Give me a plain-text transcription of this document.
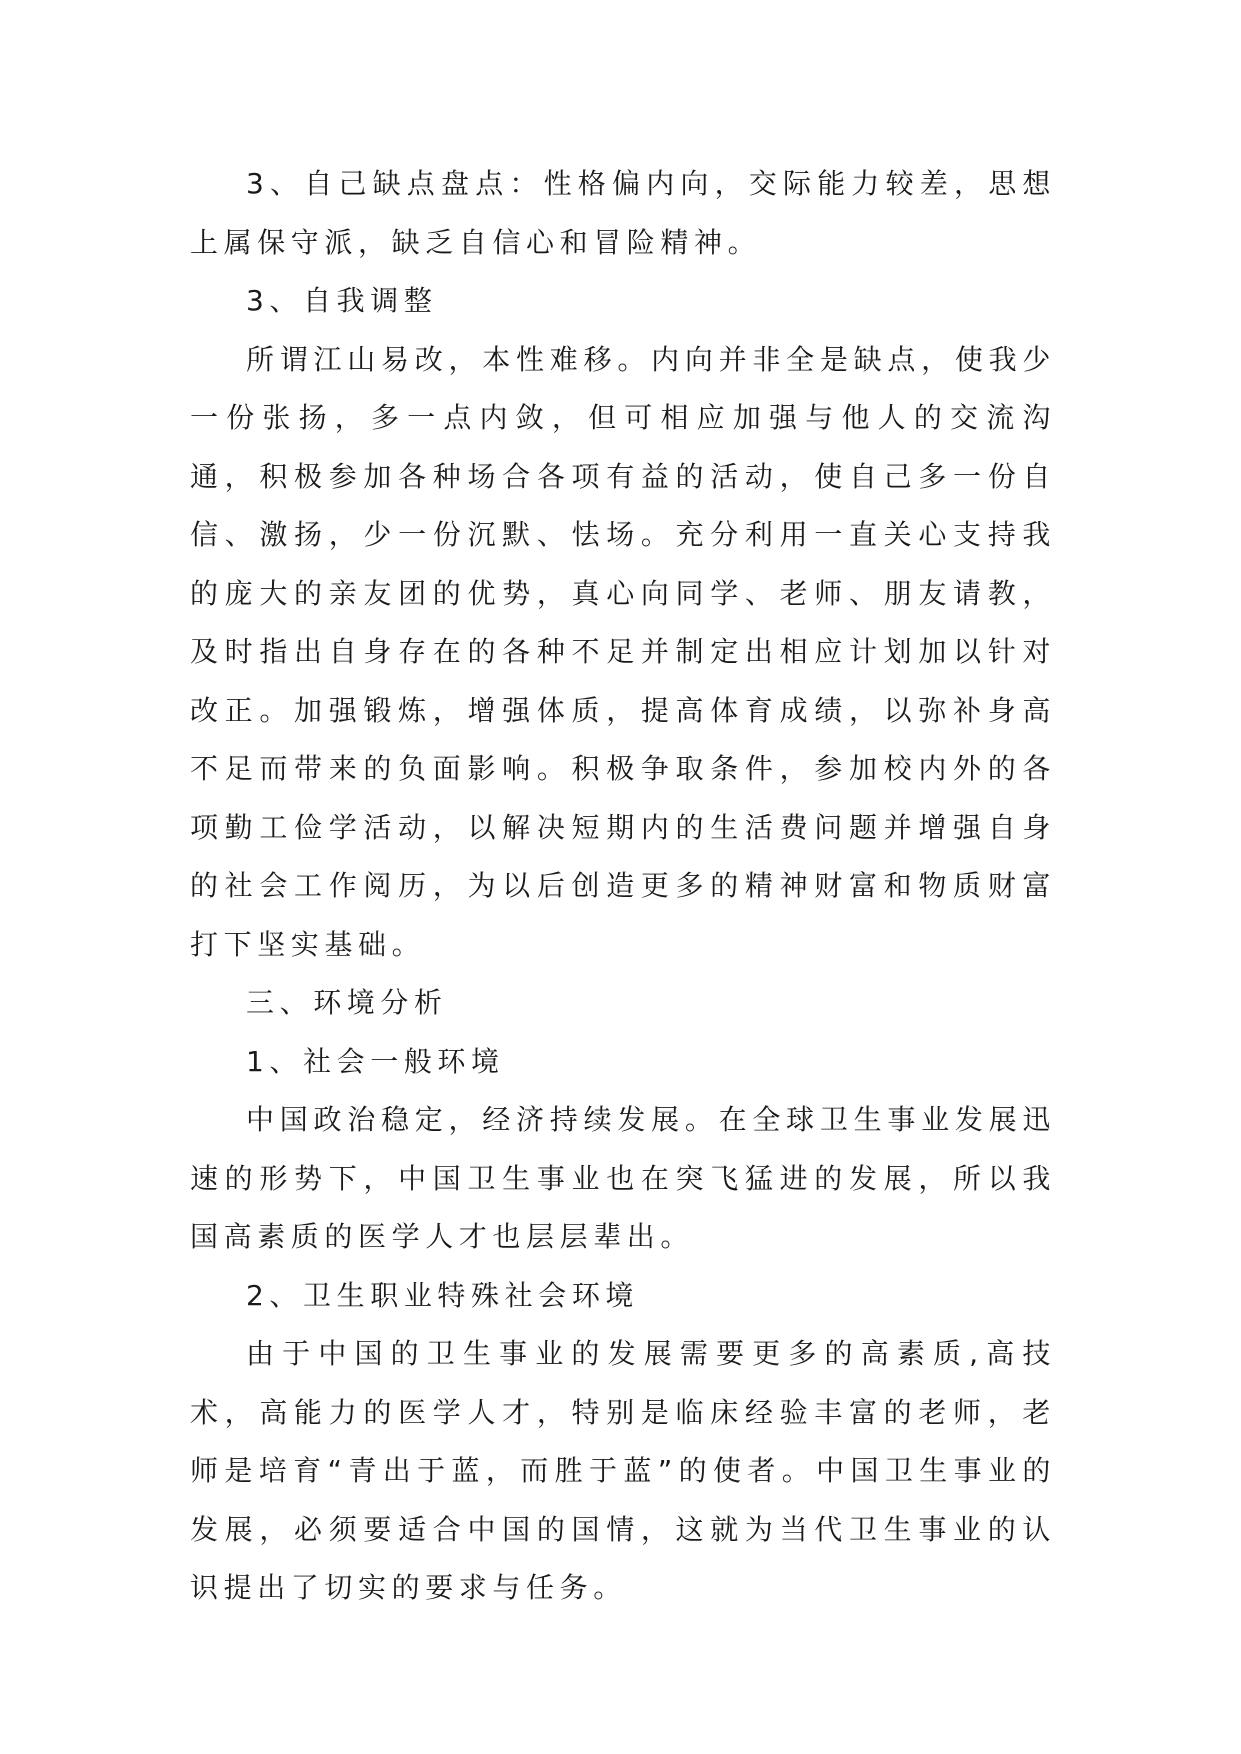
3、自己缺点盘点：性格偏内向，交际能力较差，思想上属保守派，缺乏自信心和冒险精神。

3、自我调整

所谓江山易改，本性难移。内向并非全是缺点，使我少一份张扬，多一点内敛，但可相应加强与他人的交流沟通，积极参加各种场合各项有益的活动，使自己多一份自信、激扬，少一份沉默、怯场。充分利用一直关心支持我的庞大的亲友团的优势，真心向同学、老师、朋友请教，及时指出自身存在的各种不足并制定出相应计划加以针对改正。加强锻炼，增强体质，提高体育成绩，以弥补身高不足而带来的负面影响。积极争取条件，参加校内外的各项勤工俭学活动，以解决短期内的生活费问题并增强自身的社会工作阅历，为以后创造更多的精神财富和物质财富打下坚实基础。

三、环境分析

1、社会一般环境

中国政治稳定，经济持续发展。在全球卫生事业发展迅速的形势下，中国卫生事业也在突飞猛进的发展，所以我国高素质的医学人才也层层辈出。

2、卫生职业特殊社会环境

由于中国的卫生事业的发展需要更多的高素质,高技术，高能力的医学人才，特别是临床经验丰富的老师，老师是培育“青出于蓝，而胜于蓝”的使者。中国卫生事业的发展，必须要适合中国的国情，这就为当代卫生事业的认识提出了切实的要求与任务。
